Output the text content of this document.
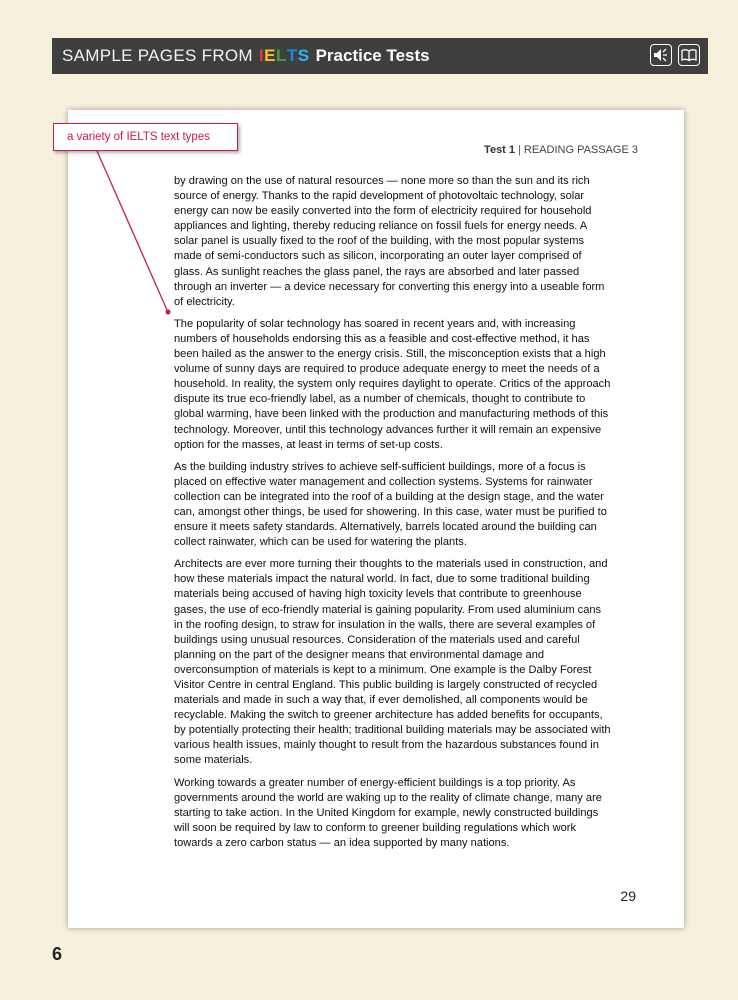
SAMPLE PAGES FROM IELTS Practice Tests
Test 1 | READING PASSAGE 3

by drawing on the use of natural resources — none more so than the sun and its rich source of energy. Thanks to the rapid development of photovoltaic technology, solar energy can now be easily converted into the form of electricity required for household appliances and lighting, thereby reducing reliance on fossil fuels for energy needs. A solar panel is usually fixed to the roof of the building, with the most popular systems made of semi-conductors such as silicon, incorporating an outer layer comprised of glass. As sunlight reaches the glass panel, the rays are absorbed and later passed through an inverter — a device necessary for converting this energy into a useable form of electricity.

The popularity of solar technology has soared in recent years and, with increasing numbers of households endorsing this as a feasible and cost-effective method, it has been hailed as the answer to the energy crisis. Still, the misconception exists that a high volume of sunny days are required to produce adequate energy to meet the needs of a household. In reality, the system only requires daylight to operate. Critics of the approach dispute its true eco-friendly label, as a number of chemicals, thought to contribute to global warming, have been linked with the production and manufacturing methods of this technology. Moreover, until this technology advances further it will remain an expensive option for the masses, at least in terms of set-up costs.

As the building industry strives to achieve self-sufficient buildings, more of a focus is placed on effective water management and collection systems. Systems for rainwater collection can be integrated into the roof of a building at the design stage, and the water can, amongst other things, be used for showering. In this case, water must be purified to ensure it meets safety standards. Alternatively, barrels located around the building can collect rainwater, which can be used for watering the plants.

Architects are ever more turning their thoughts to the materials used in construction, and how these materials impact the natural world. In fact, due to some traditional building materials being accused of having high toxicity levels that contribute to greenhouse gases, the use of eco-friendly material is gaining popularity. From used aluminium cans in the roofing design, to straw for insulation in the walls, there are several examples of buildings using unusual resources. Consideration of the materials used and careful planning on the part of the designer means that environmental damage and overconsumption of materials is kept to a minimum. One example is the Dalby Forest Visitor Centre in central England. This public building is largely constructed of recycled materials and made in such a way that, if ever demolished, all components would be recyclable. Making the switch to greener architecture has added benefits for occupants, by potentially protecting their health; traditional building materials may be associated with various health issues, mainly thought to result from the hazardous substances found in some materials.

Working towards a greater number of energy-efficient buildings is a top priority. As governments around the world are waking up to the reality of climate change, many are starting to take action. In the United Kingdom for example, newly constructed buildings will soon be required by law to conform to greener building regulations which work towards a zero carbon status — an idea supported by many nations.

29
a variety of IELTS text types
6
